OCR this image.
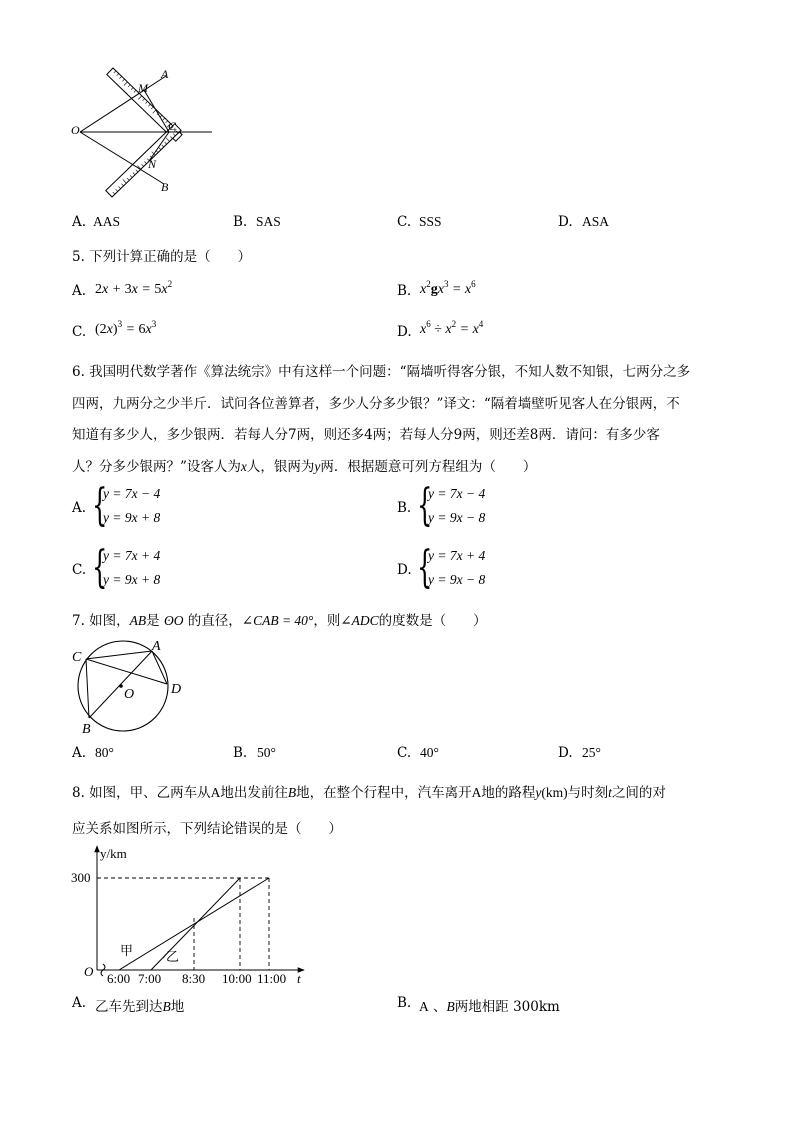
A
M
O	C
N
B
A. AAS	B. SAS	C. SSS	D. ASA
5. 下列计算正确的是（　　）
A. $2x + 3x = 5x^2$	B. $x^2gx^3 = x^6$
C. $(2x)^3 = 6x^3$	D. $x^6 \div x^2 = x^4$
6. 我国明代数学著作《算法统宗》中有这样一个问题：“隔墙听得客分银，不知人数不知银，七两分之多
四两，九两分之少半斤．试问各位善算者，多少人分多少银？”译文：“隔着墙壁听见客人在分银两，不
知道有多少人，多少银两．若每人分7两，则还多4两；若每人分9两，则还差8两．请问：有多少客
人？分多少银两？”设客人为x人，银两为y两．根据题意可列方程组为（　　）
A. {
y = 7x − 4
y = 9x + 8
B. {
y = 7x − 4
y = 9x − 8
C. {
y = 7x + 4
y = 9x + 8
D. {
y = 7x + 4
y = 9x − 8
7. 如图，AB是 ʘO 的直径，∠CAB = 40°，则∠ADC的度数是（　　）
C
A
O	D
B
A. 80°	B. 50°	C. 40°	D. 25°
8. 如图，甲、乙两车从A地出发前往B地，在整个行程中，汽车离开A地的路程y(km)与时刻t之间的对
应关系如图所示，下列结论错误的是（　　）
y/km
300
O	t
甲	乙
6:00 7:00 8:30 10:00 11:00
A. 乙车先到达B地	B. A 、B两地相距 300km
